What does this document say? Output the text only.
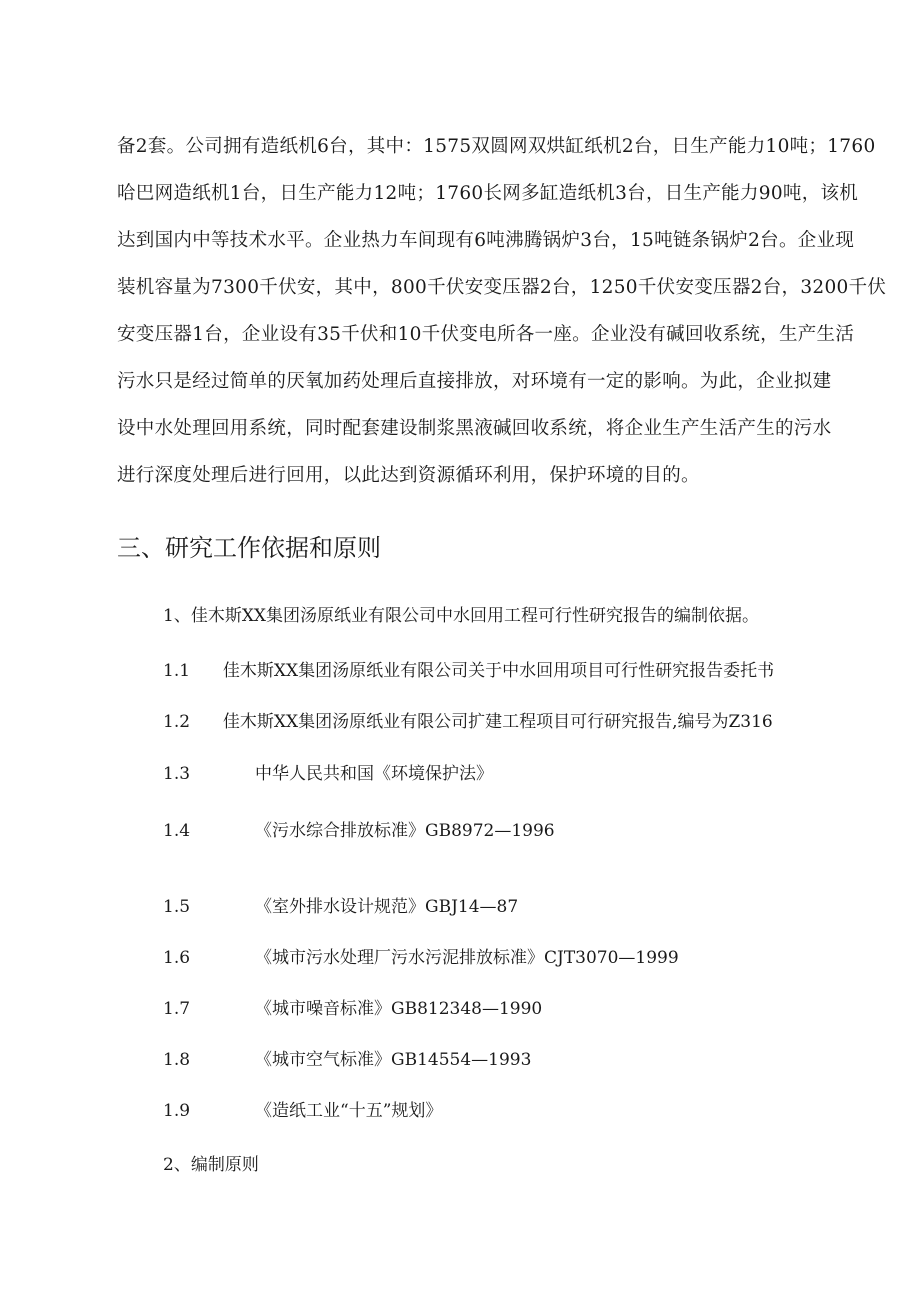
备2套。公司拥有造纸机6台，其中：1575双圆网双烘缸纸机2台，日生产能力10吨；1760
哈巴网造纸机1台，日生产能力12吨；1760长网多缸造纸机3台，日生产能力90吨，该机
达到国内中等技术水平。企业热力车间现有6吨沸腾锅炉3台，15吨链条锅炉2台。企业现
装机容量为7300千伏安，其中，800千伏安变压器2台，1250千伏安变压器2台，3200千伏
安变压器1台，企业设有35千伏和10千伏变电所各一座。企业没有碱回收系统，生产生活
污水只是经过简单的厌氧加药处理后直接排放，对环境有一定的影响。为此，企业拟建
设中水处理回用系统，同时配套建设制浆黑液碱回收系统，将企业生产生活产生的污水
进行深度处理后进行回用，以此达到资源循环利用，保护环境的目的。
三、研究工作依据和原则
1、佳木斯XX集团汤原纸业有限公司中水回用工程可行性研究报告的编制依据。
1.1 佳木斯XX集团汤原纸业有限公司关于中水回用项目可行性研究报告委托书
1.2 佳木斯XX集团汤原纸业有限公司扩建工程项目可行研究报告,编号为Z316
1.3	中华人民共和国《环境保护法》
1.4	《污水综合排放标准》GB8972—1996
1.5	《室外排水设计规范》GBJ14—87
1.6	《城市污水处理厂污水污泥排放标准》CJT3070—1999
1.7	《城市噪音标准》GB812348—1990
1.8	《城市空气标准》GB14554—1993
1.9	《造纸工业“十五”规划》
2、编制原则
